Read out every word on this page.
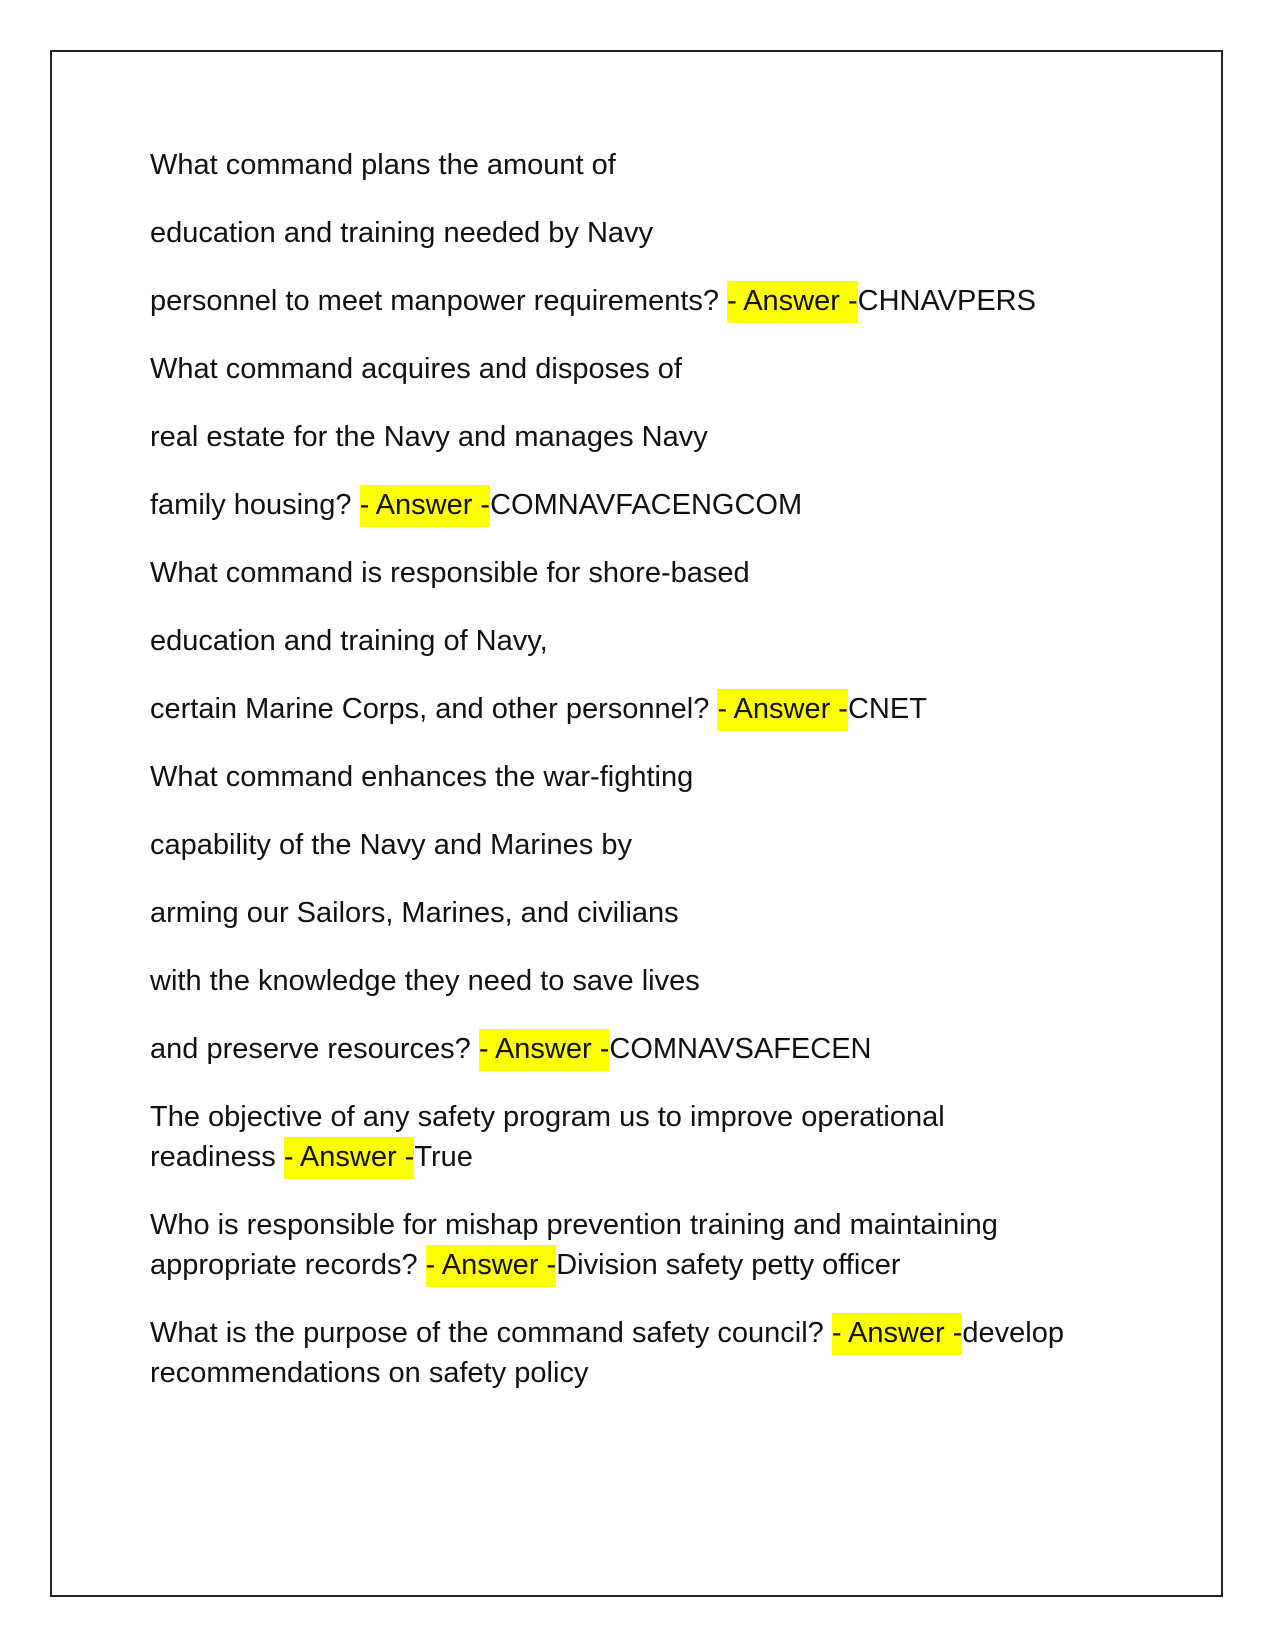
What command plans the amount of
education and training needed by Navy
personnel to meet manpower requirements? - Answer -CHNAVPERS
What command acquires and disposes of
real estate for the Navy and manages Navy
family housing? - Answer -COMNAVFACENGCOM
What command is responsible for shore-based
education and training of Navy,
certain Marine Corps, and other personnel? - Answer -CNET
What command enhances the war-fighting
capability of the Navy and Marines by
arming our Sailors, Marines, and civilians
with the knowledge they need to save lives
and preserve resources? - Answer -COMNAVSAFECEN
The objective of any safety program us to improve operational
readiness - Answer -True
Who is responsible for mishap prevention training and maintaining
appropriate records? - Answer -Division safety petty officer
What is the purpose of the command safety council? - Answer -develop
recommendations on safety policy
